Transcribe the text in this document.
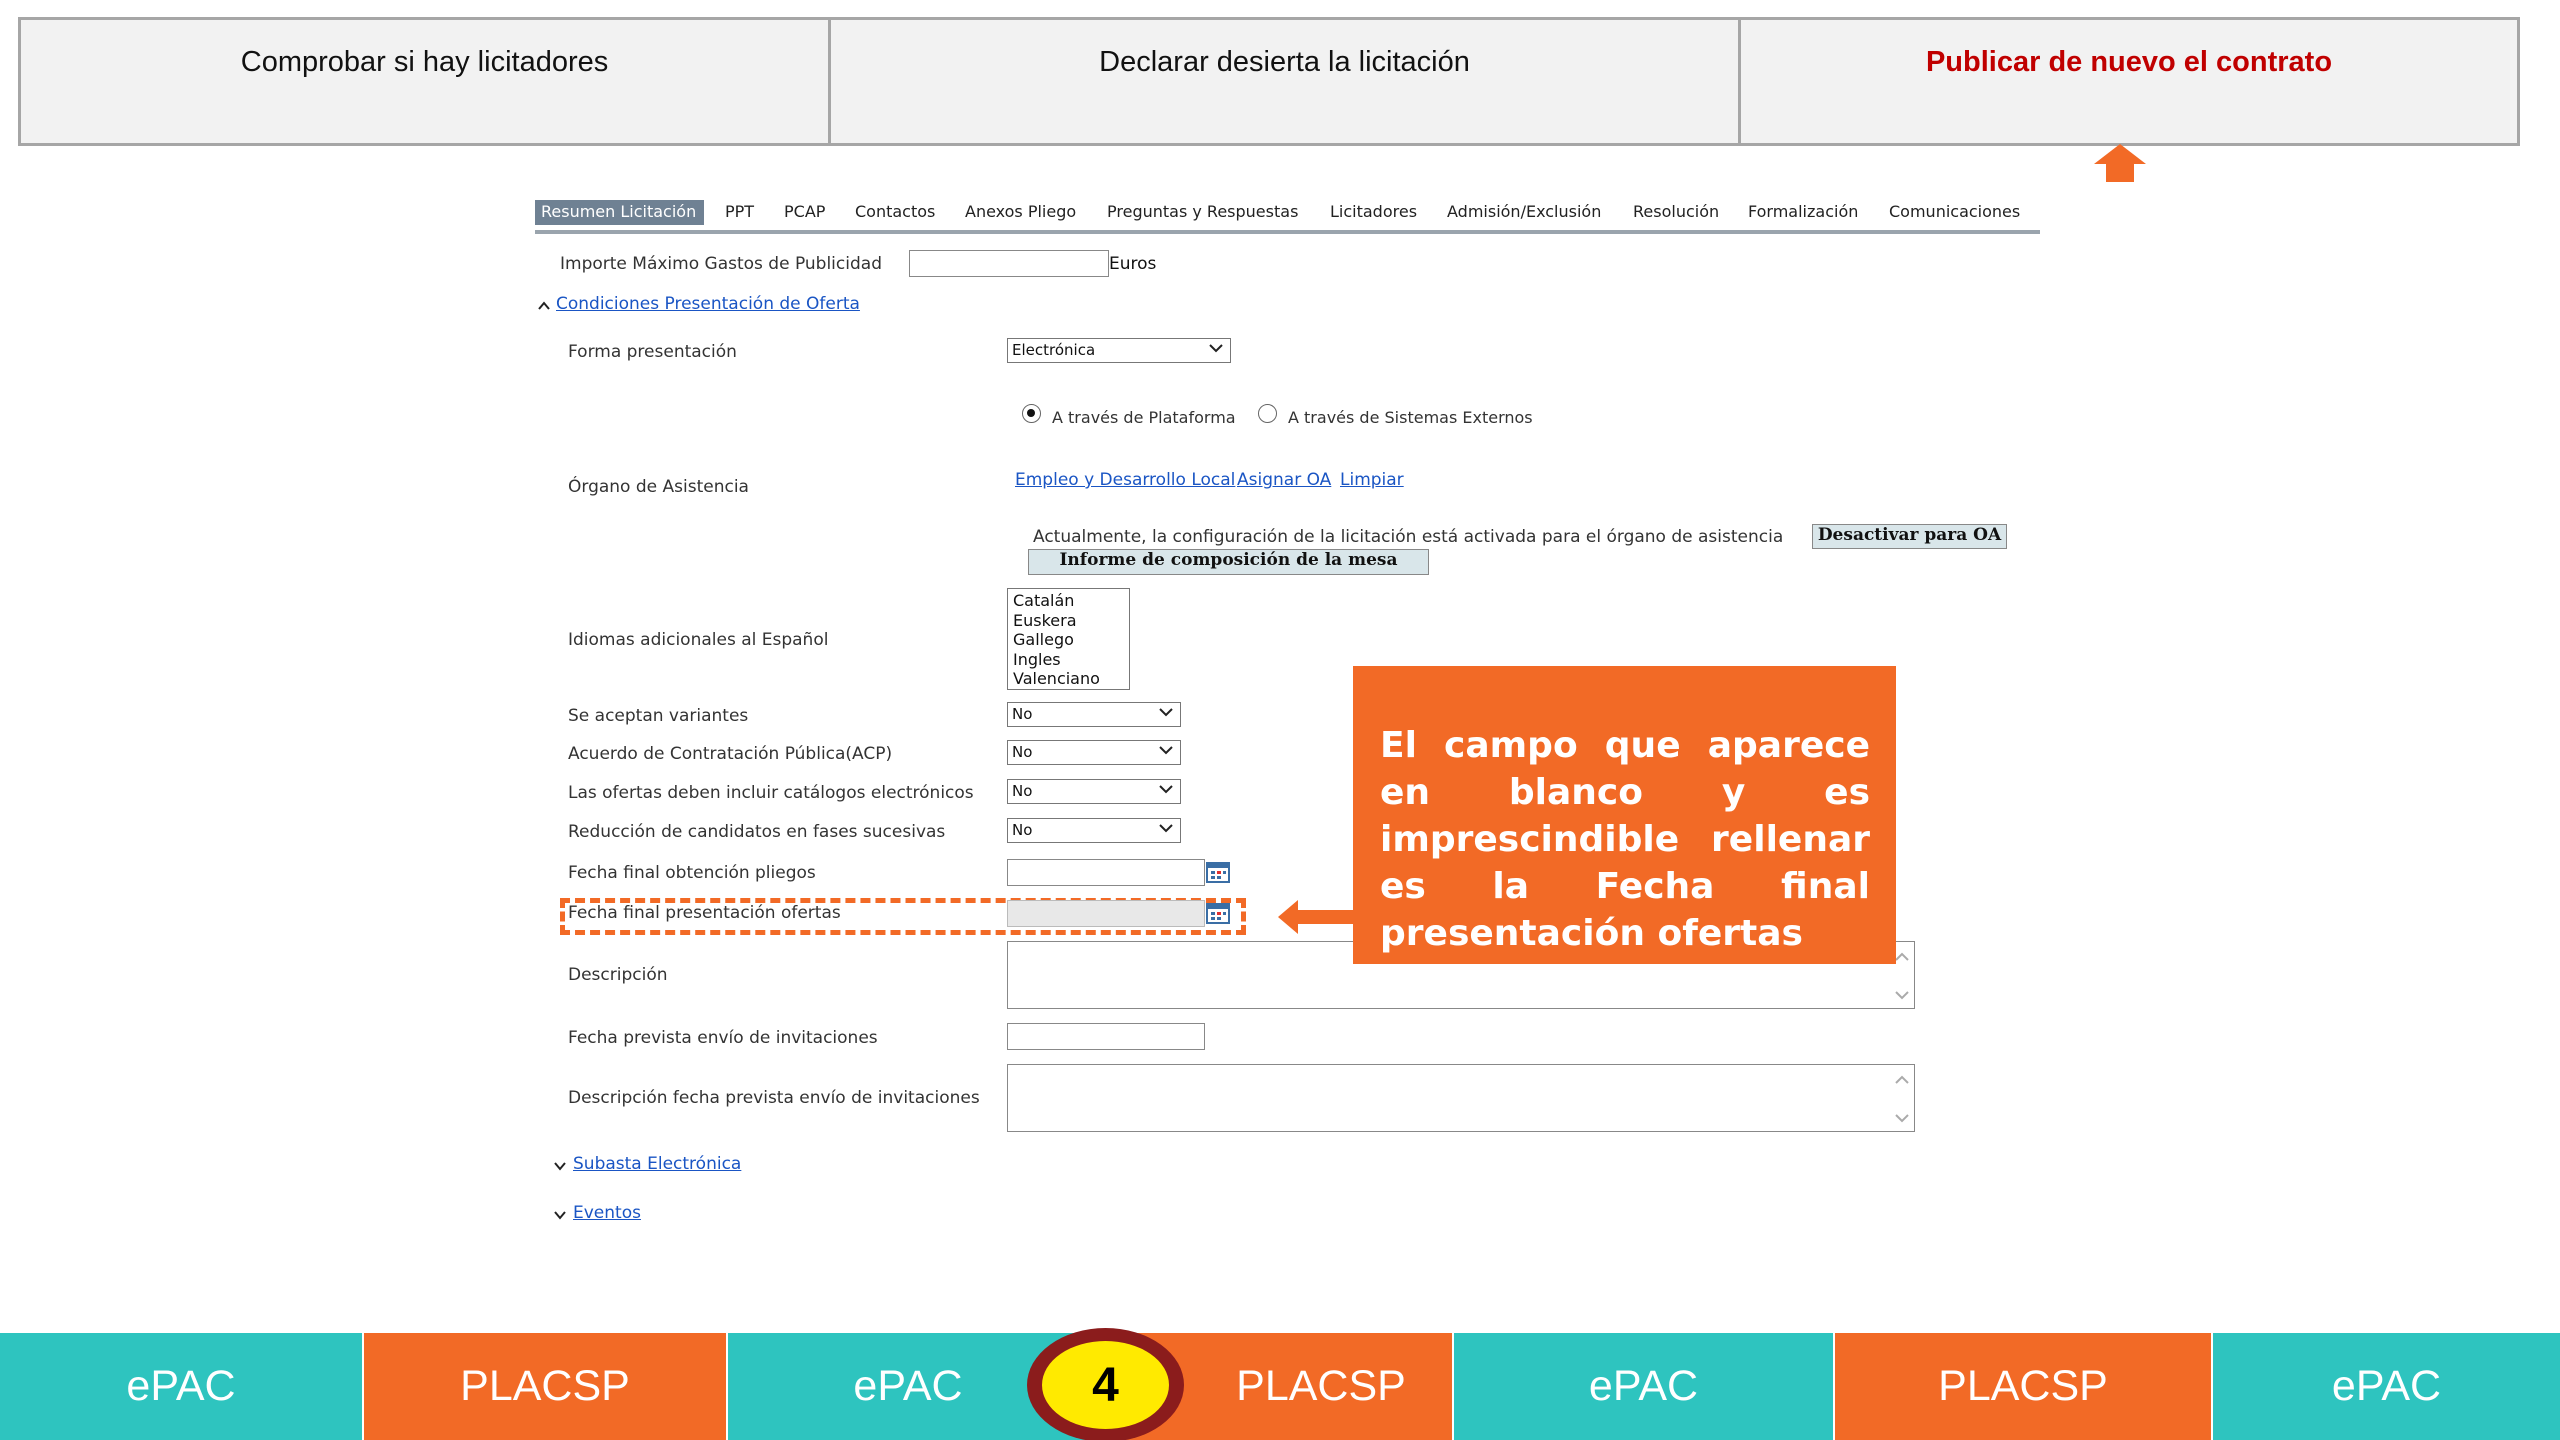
Comprobar si hay licitadores	Declarar desierta la licitación	Publicar de nuevo el contrato
Resumen Licitación	PPT PCAP Contactos Anexos Pliego Preguntas y Respuestas Licitadores Admisión/Exclusión Resolución Formalización Comunicaciones
Importe Máximo Gastos de Publicidad	Euros
Condiciones Presentación de Oferta
Forma presentación	Electrónica
A través de Plataforma	A través de Sistemas Externos
Órgano de Asistencia	Empleo y Desarrollo Local Asignar OA Limpiar
Actualmente, la configuración de la licitación está activada para el órgano de asistencia	Desactivar para OA
Informe de composición de la mesa
Idiomas adicionales al Español
Catalán
Euskera
Gallego
Ingles
Valenciano
Se aceptan variantes	No
Acuerdo de Contratación Pública(ACP)	No
Las ofertas deben incluir catálogos electrónicos	No
Reducción de candidatos en fases sucesivas	No
Fecha final obtención pliegos
Fecha final presentación ofertas
Descripción
Fecha prevista envío de invitaciones
Descripción fecha prevista envío de invitaciones
Subasta Electrónica
Eventos
El campo que aparece en blanco y es imprescindible rellenar es la Fecha final presentación ofertas
ePAC	PLACSP	ePAC	PLACSP	ePAC	PLACSP	ePAC
4
